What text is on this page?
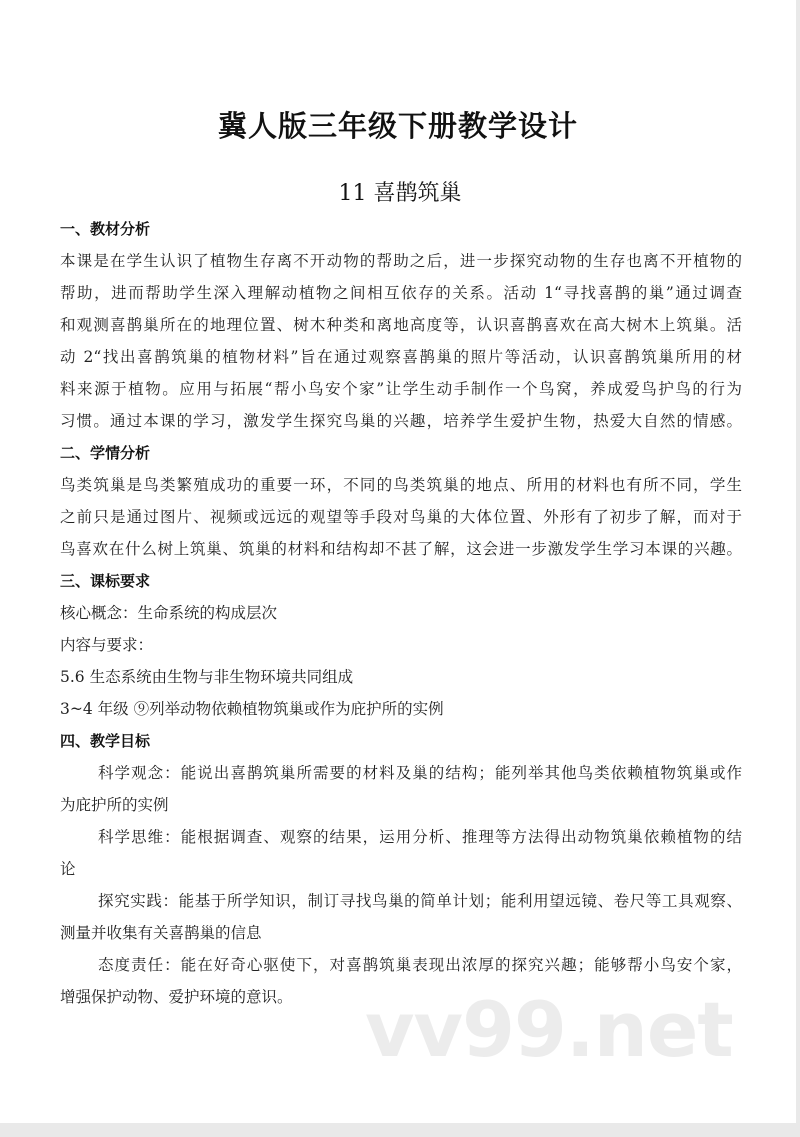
冀人版三年级下册教学设计
11 喜鹊筑巢
一、教材分析
本课是在学生认识了植物生存离不开动物的帮助之后，进一步探究动物的生存也离不开植物的
帮助，进而帮助学生深入理解动植物之间相互依存的关系。活动 1“寻找喜鹊的巢”通过调查
和观测喜鹊巢所在的地理位置、树木种类和离地高度等，认识喜鹊喜欢在高大树木上筑巢。活
动 2“找出喜鹊筑巢的植物材料”旨在通过观察喜鹊巢的照片等活动，认识喜鹊筑巢所用的材
料来源于植物。应用与拓展“帮小鸟安个家”让学生动手制作一个鸟窝，养成爱鸟护鸟的行为
习惯。通过本课的学习，激发学生探究鸟巢的兴趣，培养学生爱护生物，热爱大自然的情感。
二、学情分析
鸟类筑巢是鸟类繁殖成功的重要一环，不同的鸟类筑巢的地点、所用的材料也有所不同，学生
之前只是通过图片、视频或远远的观望等手段对鸟巢的大体位置、外形有了初步了解，而对于
鸟喜欢在什么树上筑巢、筑巢的材料和结构却不甚了解，这会进一步激发学生学习本课的兴趣。
三、课标要求
核心概念：生命系统的构成层次
内容与要求：
5.6 生态系统由生物与非生物环境共同组成
3~4 年级 ⑨列举动物依赖植物筑巢或作为庇护所的实例
四、教学目标
科学观念：能说出喜鹊筑巢所需要的材料及巢的结构；能列举其他鸟类依赖植物筑巢或作
为庇护所的实例
科学思维：能根据调查、观察的结果，运用分析、推理等方法得出动物筑巢依赖植物的结
论
探究实践：能基于所学知识，制订寻找鸟巢的简单计划；能利用望远镜、卷尺等工具观察、
测量并收集有关喜鹊巢的信息
态度责任：能在好奇心驱使下，对喜鹊筑巢表现出浓厚的探究兴趣；能够帮小鸟安个家，
增强保护动物、爱护环境的意识。 vv99.net
